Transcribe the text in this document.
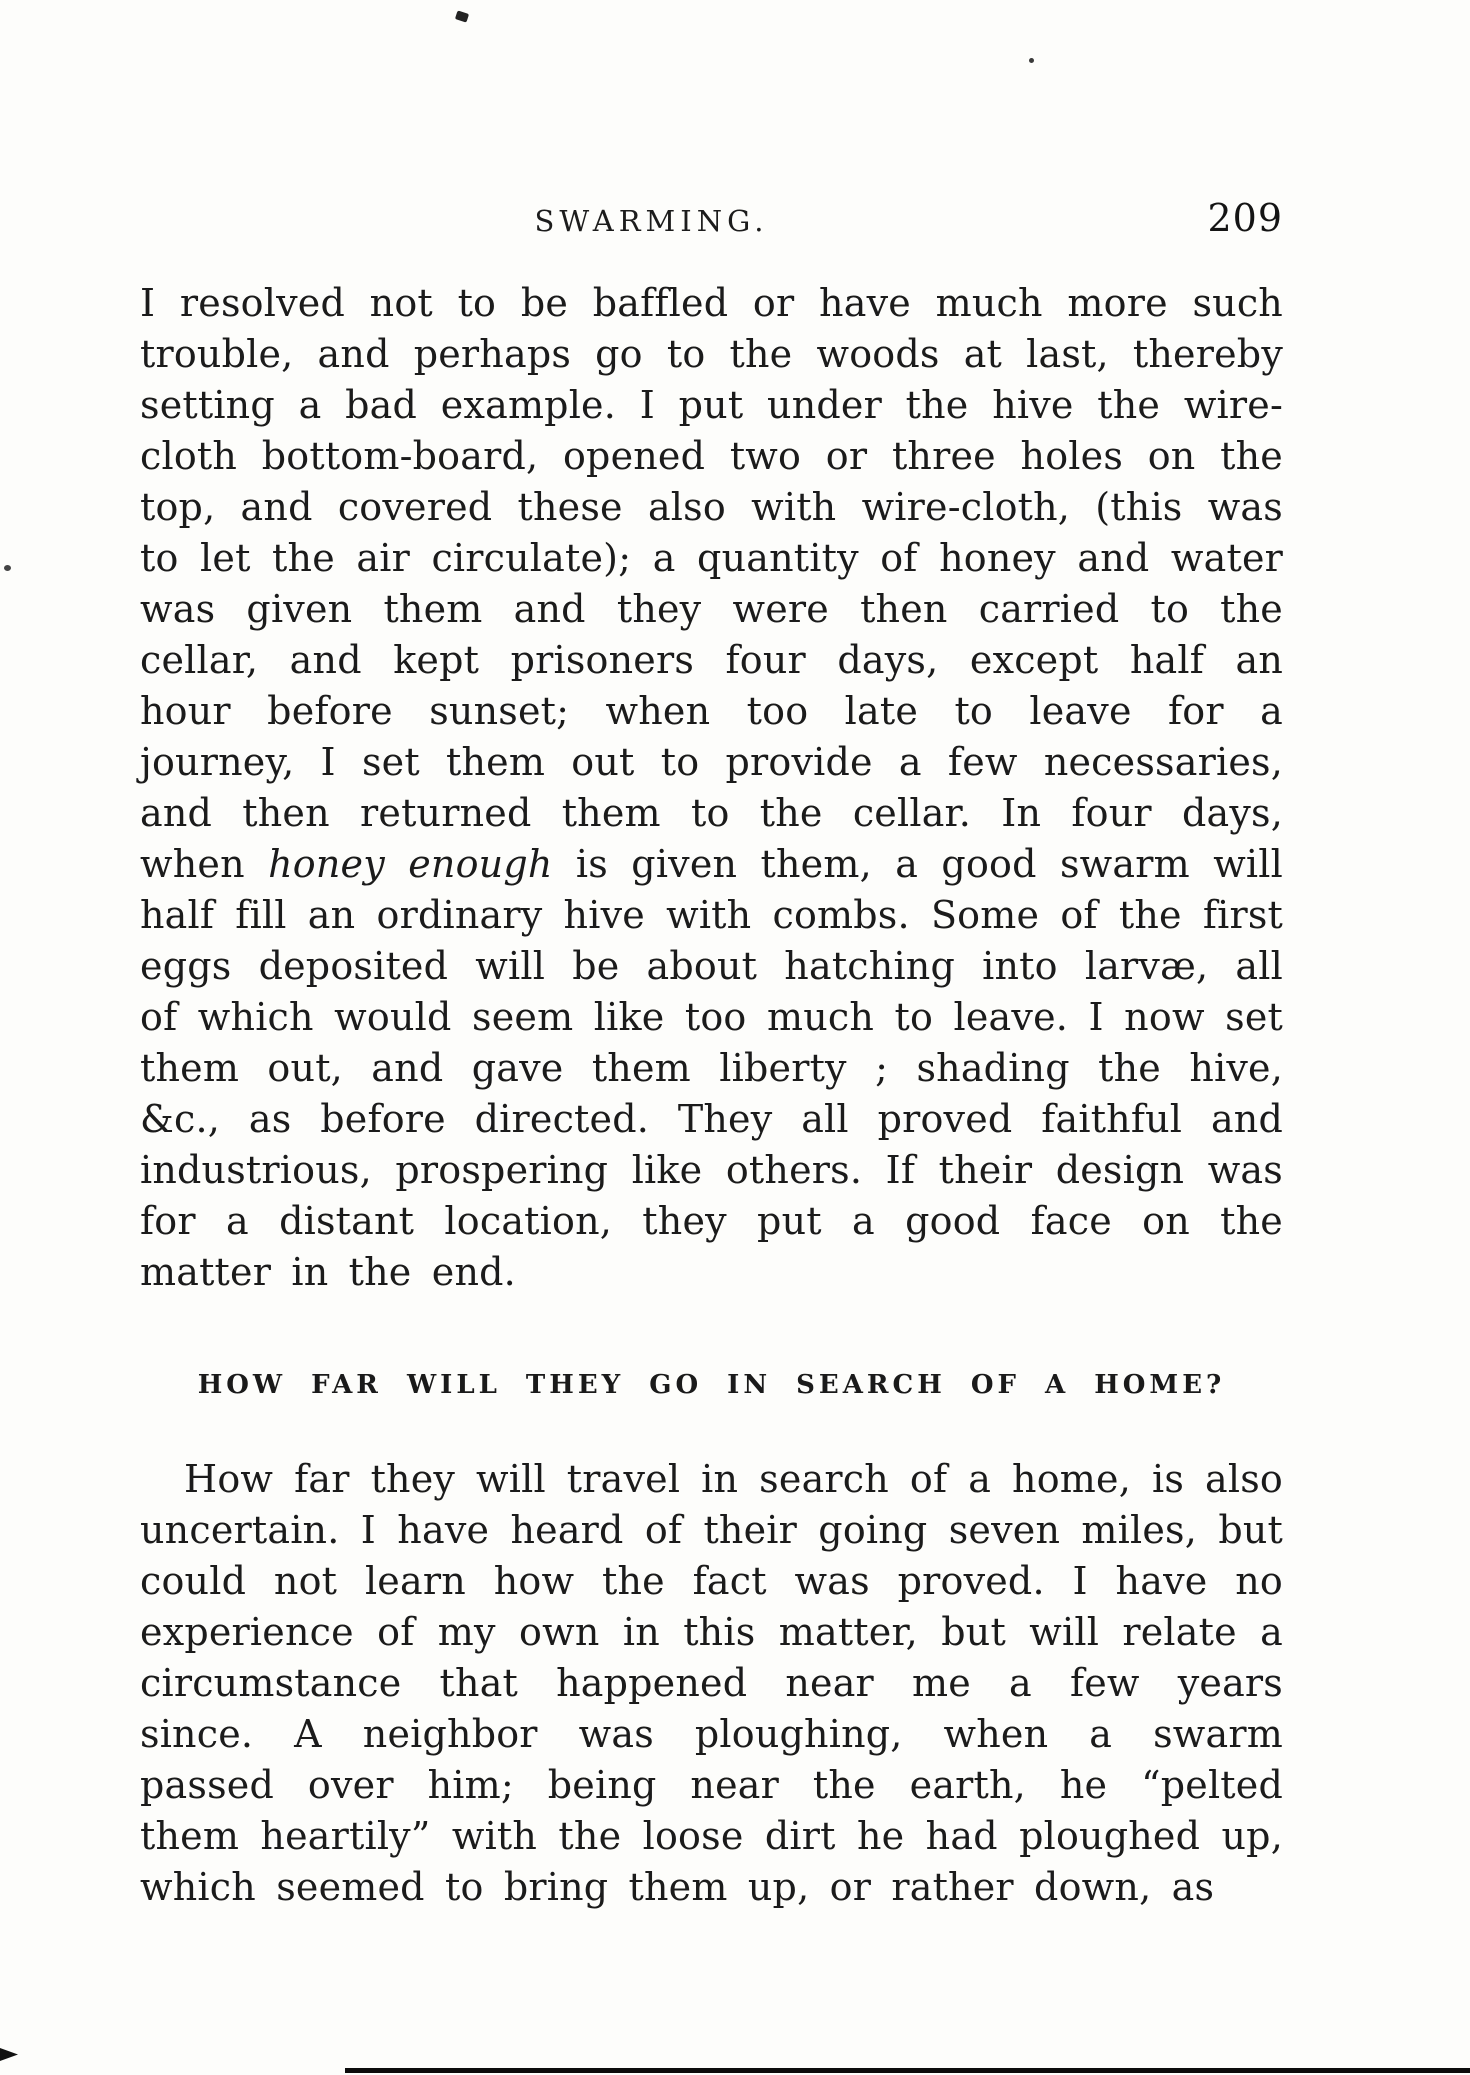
SWARMING.	209

I resolved not to be baffled or have much more such trouble, and perhaps go to the woods at last, thereby setting a bad example. I put under the hive the wire-cloth bottom-board, opened two or three holes on the top, and covered these also with wire-cloth, (this was to let the air circulate); a quantity of honey and water was given them and they were then carried to the cellar, and kept prisoners four days, except half an hour before sunset; when too late to leave for a journey, I set them out to provide a few necessaries, and then returned them to the cellar. In four days, when honey enough is given them, a good swarm will half fill an ordinary hive with combs. Some of the first eggs deposited will be about hatching into larvæ, all of which would seem like too much to leave. I now set them out, and gave them liberty ; shading the hive, &c., as before directed. They all proved faithful and industrious, prospering like others. If their design was for a distant location, they put a good face on the matter in the end.

HOW FAR WILL THEY GO IN SEARCH OF A HOME?

How far they will travel in search of a home, is also uncertain. I have heard of their going seven miles, but could not learn how the fact was proved. I have no experience of my own in this matter, but will relate a circumstance that happened near me a few years since. A neighbor was ploughing, when a swarm passed over him; being near the earth, he “pelted them heartily” with the loose dirt he had ploughed up, which seemed to bring them up, or rather down, as
